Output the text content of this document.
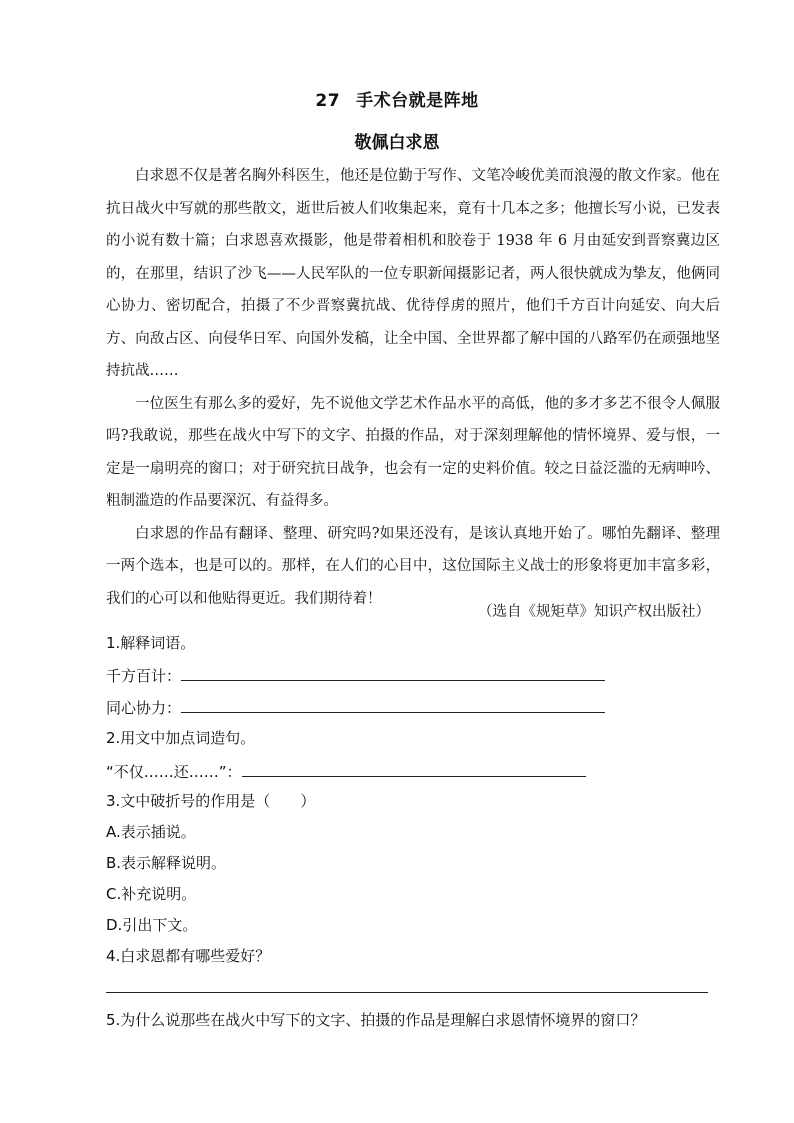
27 手术台就是阵地
敬佩白求恩

白求恩不仅是著名胸外科医生，他还是位勤于写作、文笔冷峻优美而浪漫的散文作家。他在抗日战火中写就的那些散文，逝世后被人们收集起来，竟有十几本之多；他擅长写小说，已发表的小说有数十篇；白求恩喜欢摄影，他是带着相机和胶卷于 1938 年 6 月由延安到晋察冀边区的，在那里，结识了沙飞——人民军队的一位专职新闻摄影记者，两人很快就成为挚友，他俩同心协力、密切配合，拍摄了不少晋察冀抗战、优待俘虏的照片，他们千方百计向延安、向大后方、向敌占区、向侵华日军、向国外发稿，让全中国、全世界都了解中国的八路军仍在顽强地坚持抗战……

一位医生有那么多的爱好，先不说他文学艺术作品水平的高低，他的多才多艺不很令人佩服吗?我敢说，那些在战火中写下的文字、拍摄的作品，对于深刻理解他的情怀境界、爱与恨，一定是一扇明亮的窗口；对于研究抗日战争，也会有一定的史料价值。较之日益泛滥的无病呻吟、粗制滥造的作品要深沉、有益得多。

白求恩的作品有翻译、整理、研究吗?如果还没有，是该认真地开始了。哪怕先翻译、整理一两个选本，也是可以的。那样，在人们的心目中，这位国际主义战士的形象将更加丰富多彩，我们的心可以和他贴得更近。我们期待着！

（选自《规矩草》知识产权出版社）
1.解释词语。
千方百计：
同心协力：
2.用文中加点词造句。
“不仅……还……”：
3.文中破折号的作用是（　　）
A.表示插说。
B.表示解释说明。
C.补充说明。
D.引出下文。
4.白求恩都有哪些爱好？
5.为什么说那些在战火中写下的文字、拍摄的作品是理解白求恩情怀境界的窗口？
